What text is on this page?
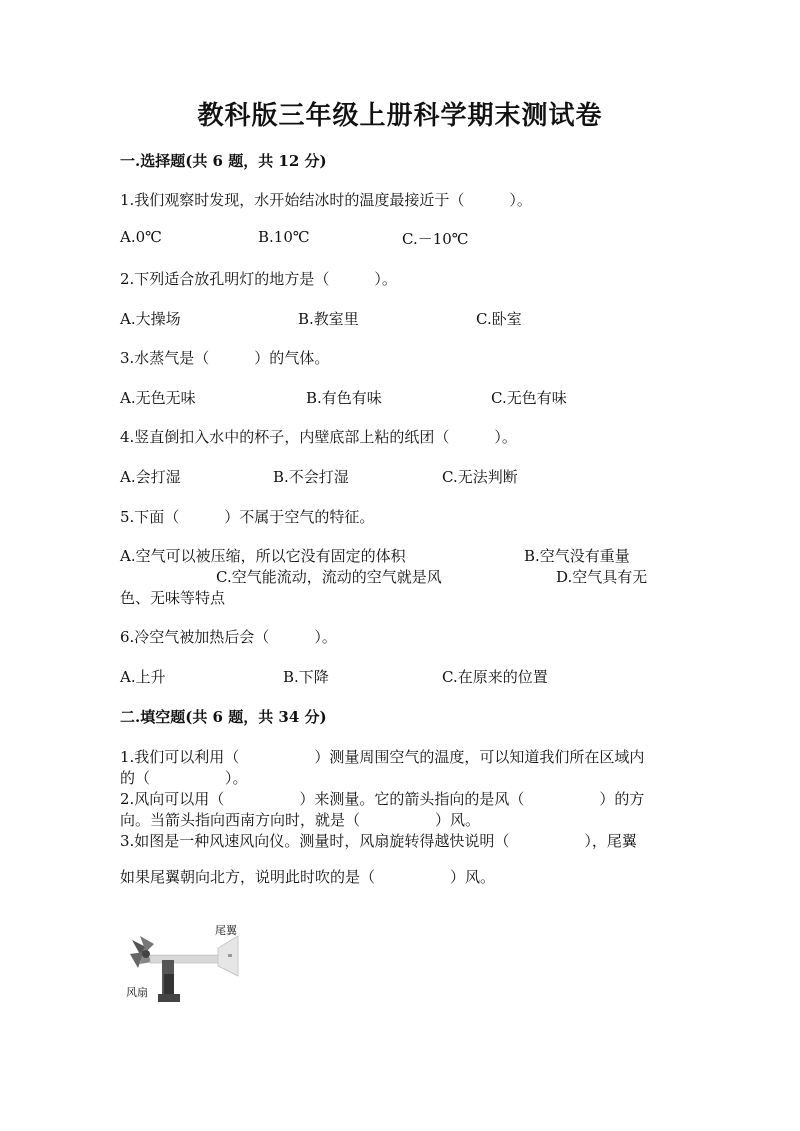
教科版三年级上册科学期末测试卷
一.选择题(共 6 题，共 12 分)
1.我们观察时发现，水开始结冰时的温度最接近于（　　　）。
A.0℃	B.10℃	C.－10℃
2.下列适合放孔明灯的地方是（　　　）。
A.大操场	B.教室里	C.卧室
3.水蒸气是（　　　）的气体。
A.无色无味	B.有色有味	C.无色有味
4.竖直倒扣入水中的杯子，内壁底部上粘的纸团（　　　）。
A.会打湿	B.不会打湿	C.无法判断
5.下面（　　　）不属于空气的特征。
A.空气可以被压缩，所以它没有固定的体积	B.空气没有重量
C.空气能流动，流动的空气就是风	D.空气具有无
色、无味等特点
6.冷空气被加热后会（　　　）。
A.上升	B.下降	C.在原来的位置
二.填空题(共 6 题，共 34 分)
1.我们可以利用（　　　　　）测量周围空气的温度，可以知道我们所在区域内
的（　　　　　）。
2.风向可以用（　　　　　）来测量。它的箭头指向的是风（　　　　　）的方
向。当箭头指向西南方向时，就是（　　　　　）风。
3.如图是一种风速风向仪。测量时，风扇旋转得越快说明（　　　　　），尾翼
如果尾翼朝向北方，说明此时吹的是（　　　　　）风。
尾翼
风扇
